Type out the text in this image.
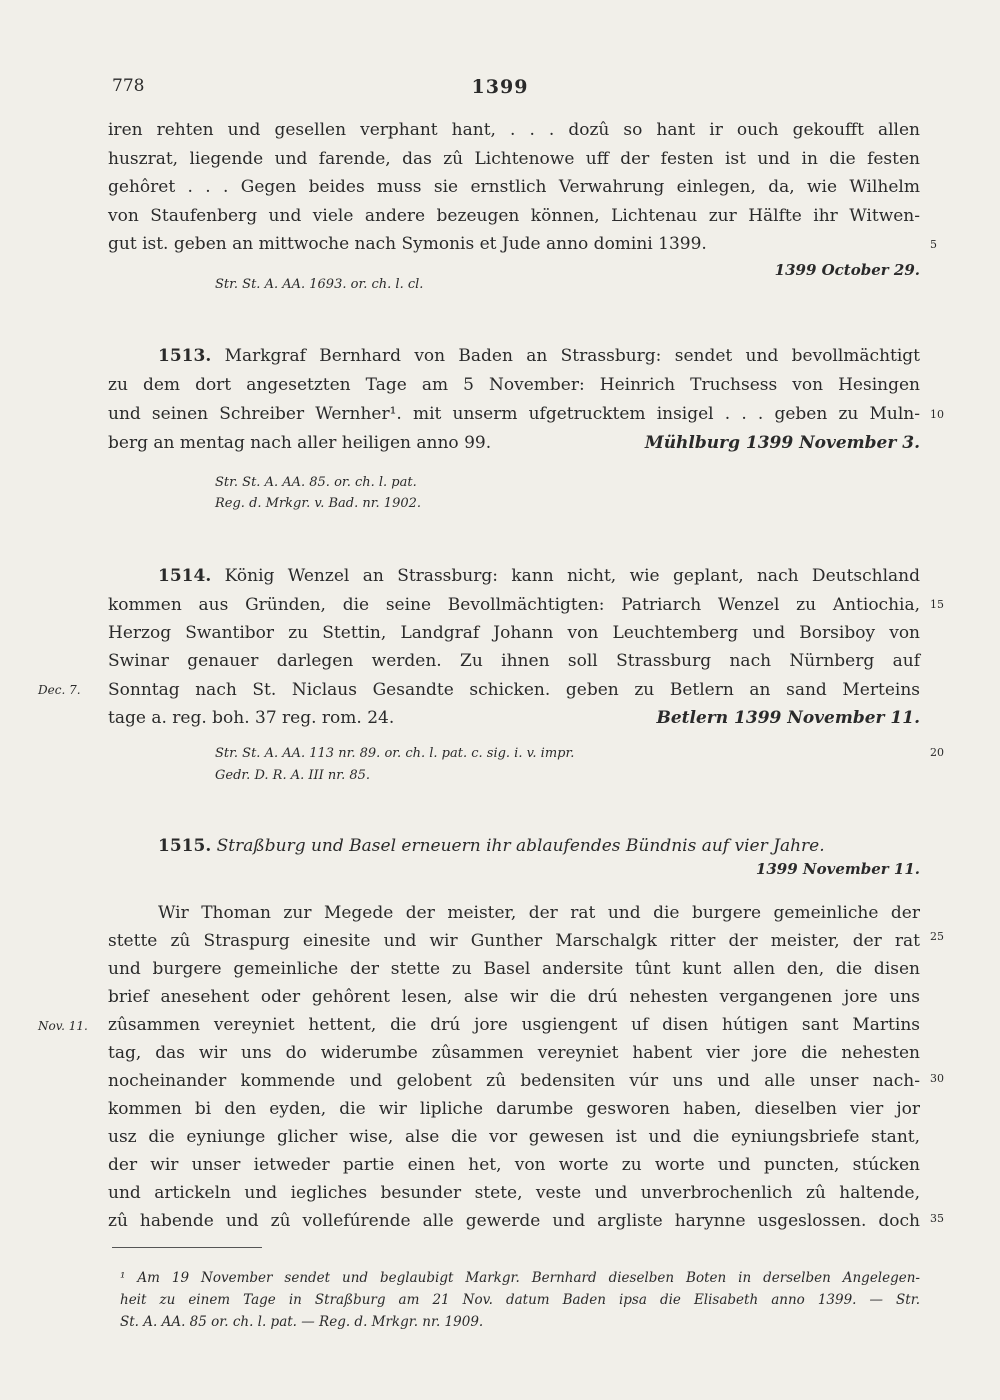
778	1399
iren rehten und gesellen verphant hant, . . . dozû so hant ir ouch gekoufft allen
huszrat, liegende und farende, das zû Lichtenowe uff der festen ist und in die festen
gehôret . . . Gegen beides muss sie ernstlich Verwahrung einlegen, da, wie Wilhelm
von Staufenberg und viele andere bezeugen können, Lichtenau zur Hälfte ihr Witwen-
gut ist. geben an mittwoche nach Symonis et Jude anno domini 1399.
1399 October 29.
Str. St. A. AA. 1693. or. ch. l. cl.
1513. Markgraf Bernhard von Baden an Strassburg: sendet und bevollmächtigt
zu dem dort angesetzten Tage am 5 November: Heinrich Truchsess von Hesingen
und seinen Schreiber Wernher¹. mit unserm ufgetrucktem insigel . . . geben zu Muln-
berg an mentag nach aller heiligen anno 99.	Mühlburg 1399 November 3.
Str. St. A. AA. 85. or. ch. l. pat.
Reg. d. Mrkgr. v. Bad. nr. 1902.
1514. König Wenzel an Strassburg: kann nicht, wie geplant, nach Deutschland
kommen aus Gründen, die seine Bevollmächtigten: Patriarch Wenzel zu Antiochia,
Herzog Swantibor zu Stettin, Landgraf Johann von Leuchtemberg und Borsiboy von
Swinar genauer darlegen werden. Zu ihnen soll Strassburg nach Nürnberg auf
Sonntag nach St. Niclaus Gesandte schicken. geben zu Betlern an sand Merteins
tage a. reg. boh. 37 reg. rom. 24.	Betlern 1399 November 11.
Dec. 7.
Str. St. A. AA. 113 nr. 89. or. ch. l. pat. c. sig. i. v. impr.
Gedr. D. R. A. III nr. 85.
1515. Straßburg und Basel erneuern ihr ablaufendes Bündnis auf vier Jahre.
1399 November 11.
Wir Thoman zur Megede der meister, der rat und die burgere gemeinliche der
stette zû Straspurg einesite und wir Gunther Marschalgk ritter der meister, der rat
und burgere gemeinliche der stette zu Basel andersite tûnt kunt allen den, die disen
brief anesehent oder gehôrent lesen, alse wir die drú nehesten vergangenen jore uns
zûsammen vereyniet hettent, die drú jore usgiengent uf disen hútigen sant Martins
tag, das wir uns do widerumbe zûsammen vereyniet habent vier jore die nehesten
nocheinander kommende und gelobent zû bedensiten vúr uns und alle unser nach-
kommen bi den eyden, die wir lipliche darumbe gesworen haben, dieselben vier jor
usz die eyniunge glicher wise, alse die vor gewesen ist und die eyniungsbriefe stant,
der wir unser ietweder partie einen het, von worte zu worte und puncten, stúcken
und artickeln und iegliches besunder stete, veste und unverbrochenlich zû haltende,
zû habende und zû vollefúrende alle gewerde und argliste harynne usgeslossen. doch
Nov. 11.
5
10
15
20
25
30
35
¹ Am 19 November sendet und beglaubigt Markgr. Bernhard dieselben Boten in derselben Angelegen-
heit zu einem Tage in Straßburg am 21 Nov. datum Baden ipsa die Elisabeth anno 1399. — Str.
St. A. AA. 85 or. ch. l. pat. — Reg. d. Mrkgr. nr. 1909.
